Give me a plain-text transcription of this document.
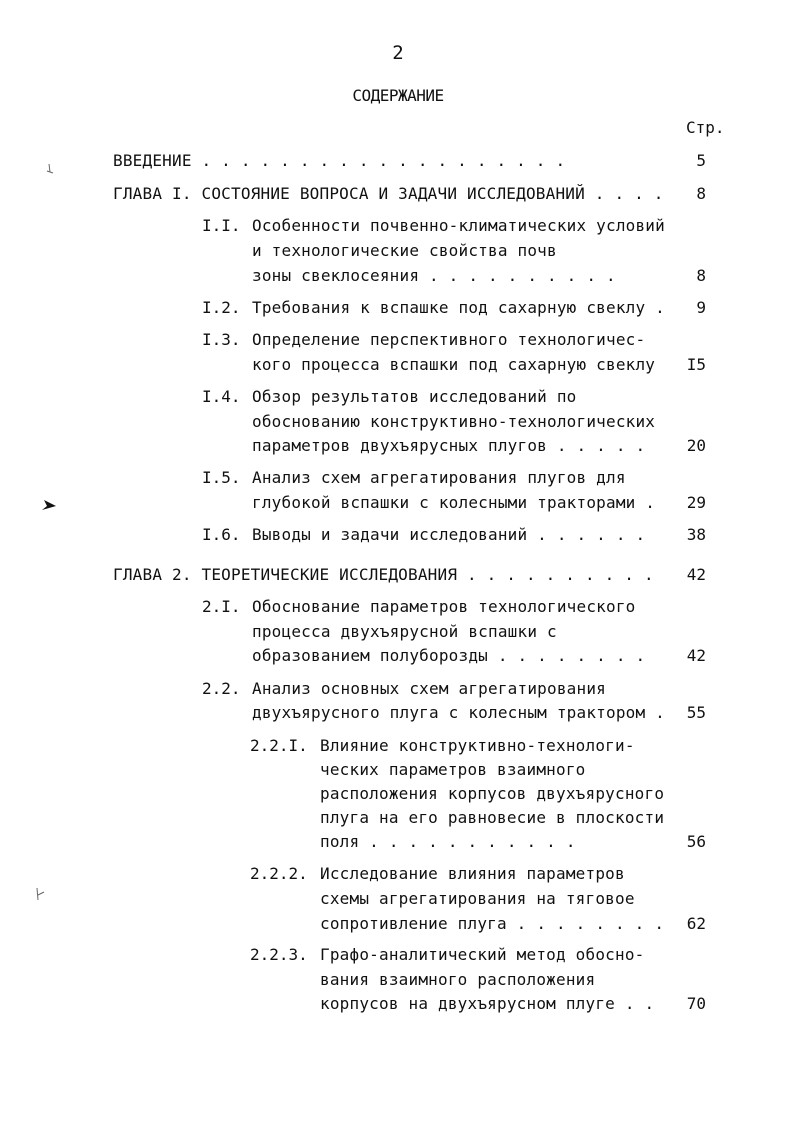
2
СОДЕРЖАНИЕ
Стр.
ВВЕДЕНИЕ . . . . . . . . . . . . . . . . . . .	5
ГЛАВА I. СОСТОЯНИЕ ВОПРОСА И ЗАДАЧИ ИССЛЕДОВАНИЙ . . . .	8
I.I. Особенности почвенно-климатических условий
и технологические свойства почв
зоны свеклосеяния . . . . . . . . . .	8
I.2. Требования к вспашке под сахарную свеклу .	9
I.3. Определение перспективного технологичес-
кого процесса вспашки под сахарную свеклу	I5
I.4. Обзор результатов исследований по
обоснованию конструктивно-технологических
параметров двухъярусных плугов . . . . .	20
I.5. Анализ схем агрегатирования плугов для
глубокой вспашки с колесными тракторами .	29
I.6. Выводы и задачи исследований . . . . . .	38
ГЛАВА 2. ТЕОРЕТИЧЕСКИЕ ИССЛЕДОВАНИЯ . . . . . . . . . .	42
2.I. Обоснование параметров технологического
процесса двухъярусной вспашки с
образованием полуборозды . . . . . . . .	42
2.2. Анализ основных схем агрегатирования
двухъярусного плуга с колесным трактором .	55
2.2.I. Влияние конструктивно-технологи-
ческих параметров взаимного
расположения корпусов двухъярусного
плуга на его равновесие в плоскости
поля . . . . . . . . . . .	56
2.2.2. Исследование влияния параметров
схемы агрегатирования на тяговое
сопротивление плуга . . . . . . . .	62
2.2.3. Графо-аналитический метод обосно-
вания взаимного расположения
корпусов на двухъярусном плуге . .	70
